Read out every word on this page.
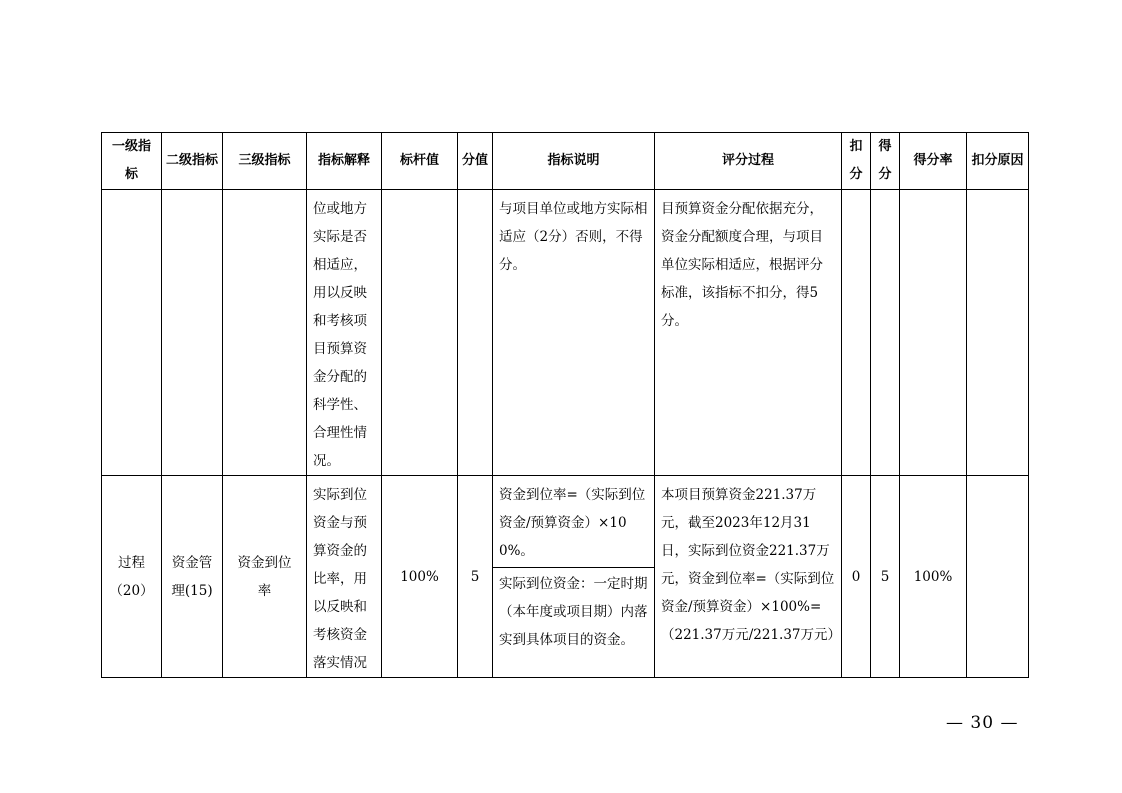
一级指标	二级指标	三级指标	指标解释	标杆值	分值	指标说明	评分过程	扣分	得分	得分率	扣分原因

			位或地方实际是否相适应，用以反映和考核项目预算资金分配的科学性、合理性情况。			与项目单位或地方实际相适应（2分）否则，不得分。	目预算资金分配依据充分，资金分配额度合理，与项目单位实际相适应，根据评分标准，该指标不扣分，得5分。				

过程（20）	资金管理(15)	资金到位率	实际到位资金与预算资金的比率，用以反映和考核资金落实情况	100%	5	资金到位率=（实际到位资金/预算资金）×100%。
实际到位资金：一定时期（本年度或项目期）内落实到具体项目的资金。	本项目预算资金221.37万元，截至2023年12月31日，实际到位资金221.37万元，资金到位率=（实际到位资金/预算资金）×100%=（221.37万元/221.37万元）	0	5	100%	
— 30 —
